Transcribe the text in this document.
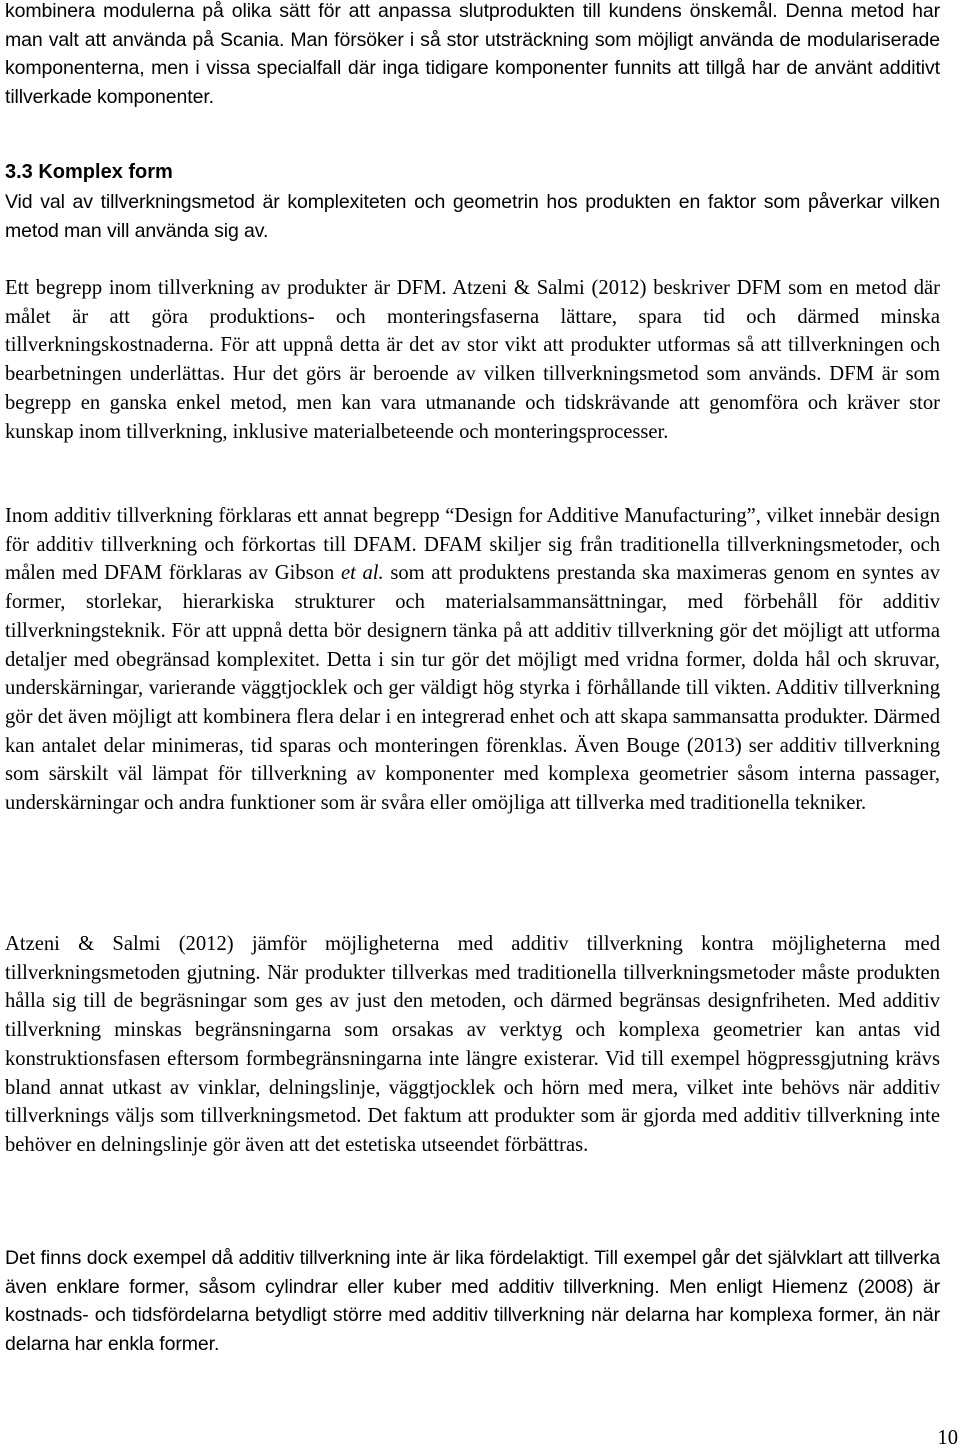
kombinera modulerna på olika sätt för att anpassa slutprodukten till kundens önskemål. Denna metod har man valt att använda på Scania. Man försöker i så stor utsträckning som möjligt använda de modulariserade komponenterna, men i vissa specialfall där inga tidigare komponenter funnits att tillgå har de använt additivt tillverkade komponenter.

3.3 Komplex form

Vid val av tillverkningsmetod är komplexiteten och geometrin hos produkten en faktor som påverkar vilken metod man vill använda sig av.

Ett begrepp inom tillverkning av produkter är DFM. Atzeni & Salmi (2012) beskriver DFM som en metod där målet är att göra produktions- och monteringsfaserna lättare, spara tid och därmed minska tillverkningskostnaderna. För att uppnå detta är det av stor vikt att produkter utformas så att tillverkningen och bearbetningen underlättas. Hur det görs är beroende av vilken tillverkningsmetod som används. DFM är som begrepp en ganska enkel metod, men kan vara utmanande och tidskrävande att genomföra och kräver stor kunskap inom tillverkning, inklusive materialbeteende och monteringsprocesser.

Inom additiv tillverkning förklaras ett annat begrepp “Design for Additive Manufacturing”, vilket innebär design för additiv tillverkning och förkortas till DFAM. DFAM skiljer sig från traditionella tillverkningsmetoder, och målen med DFAM förklaras av Gibson et al. som att produktens prestanda ska maximeras genom en syntes av former, storlekar, hierarkiska strukturer och materialsammansättningar, med förbehåll för additiv tillverkningsteknik. För att uppnå detta bör designern tänka på att additiv tillverkning gör det möjligt att utforma detaljer med obegränsad komplexitet. Detta i sin tur gör det möjligt med vridna former, dolda hål och skruvar, underskärningar, varierande väggtjocklek och ger väldigt hög styrka i förhållande till vikten. Additiv tillverkning gör det även möjligt att kombinera flera delar i en integrerad enhet och att skapa sammansatta produkter. Därmed kan antalet delar minimeras, tid sparas och monteringen förenklas. Även Bouge (2013) ser additiv tillverkning som särskilt väl lämpat för tillverkning av komponenter med komplexa geometrier såsom interna passager, underskärningar och andra funktioner som är svåra eller omöjliga att tillverka med traditionella tekniker.

Atzeni & Salmi (2012) jämför möjligheterna med additiv tillverkning kontra möjligheterna med tillverkningsmetoden gjutning. När produkter tillverkas med traditionella tillverkningsmetoder måste produkten hålla sig till de begräsningar som ges av just den metoden, och därmed begränsas designfriheten. Med additiv tillverkning minskas begränsningarna som orsakas av verktyg och komplexa geometrier kan antas vid konstruktionsfasen eftersom formbegränsningarna inte längre existerar. Vid till exempel högpressgjutning krävs bland annat utkast av vinklar, delningslinje, väggtjocklek och hörn med mera, vilket inte behövs när additiv tillverknings väljs som tillverkningsmetod. Det faktum att produkter som är gjorda med additiv tillverkning inte behöver en delningslinje gör även att det estetiska utseendet förbättras.

Det finns dock exempel då additiv tillverkning inte är lika fördelaktigt. Till exempel går det självklart att tillverka även enklare former, såsom cylindrar eller kuber med additiv tillverkning. Men enligt Hiemenz (2008) är kostnads- och tidsfördelarna betydligt större med additiv tillverkning när delarna har komplexa former, än när delarna har enkla former.

10
